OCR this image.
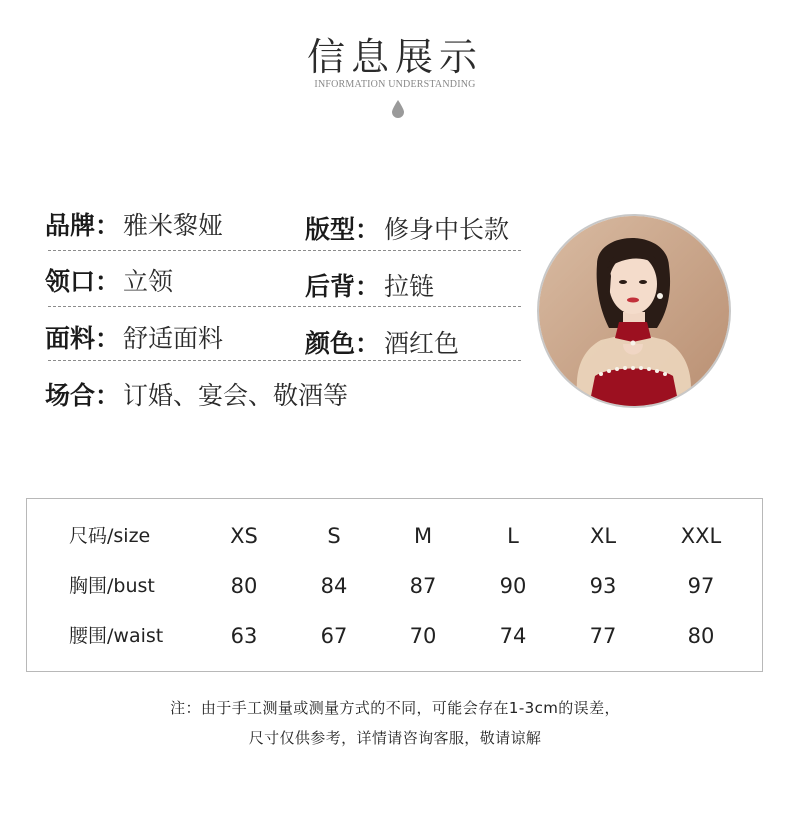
信息展示
INFORMATION UNDERSTANDING
品牌： 雅米黎娅	版型： 修身中长款
领口： 立领	后背： 拉链
面料： 舒适面料	颜色： 酒红色
场合： 订婚、宴会、敬酒等
尺码/size	XS	S	M	L	XL	XXL
胸围/bust	80	84	87	90	93	97
腰围/waist	63	67	70	74	77	80
注：由于手工测量或测量方式的不同，可能会存在1-3cm的误差，
尺寸仅供参考，详情请咨询客服，敬请谅解
